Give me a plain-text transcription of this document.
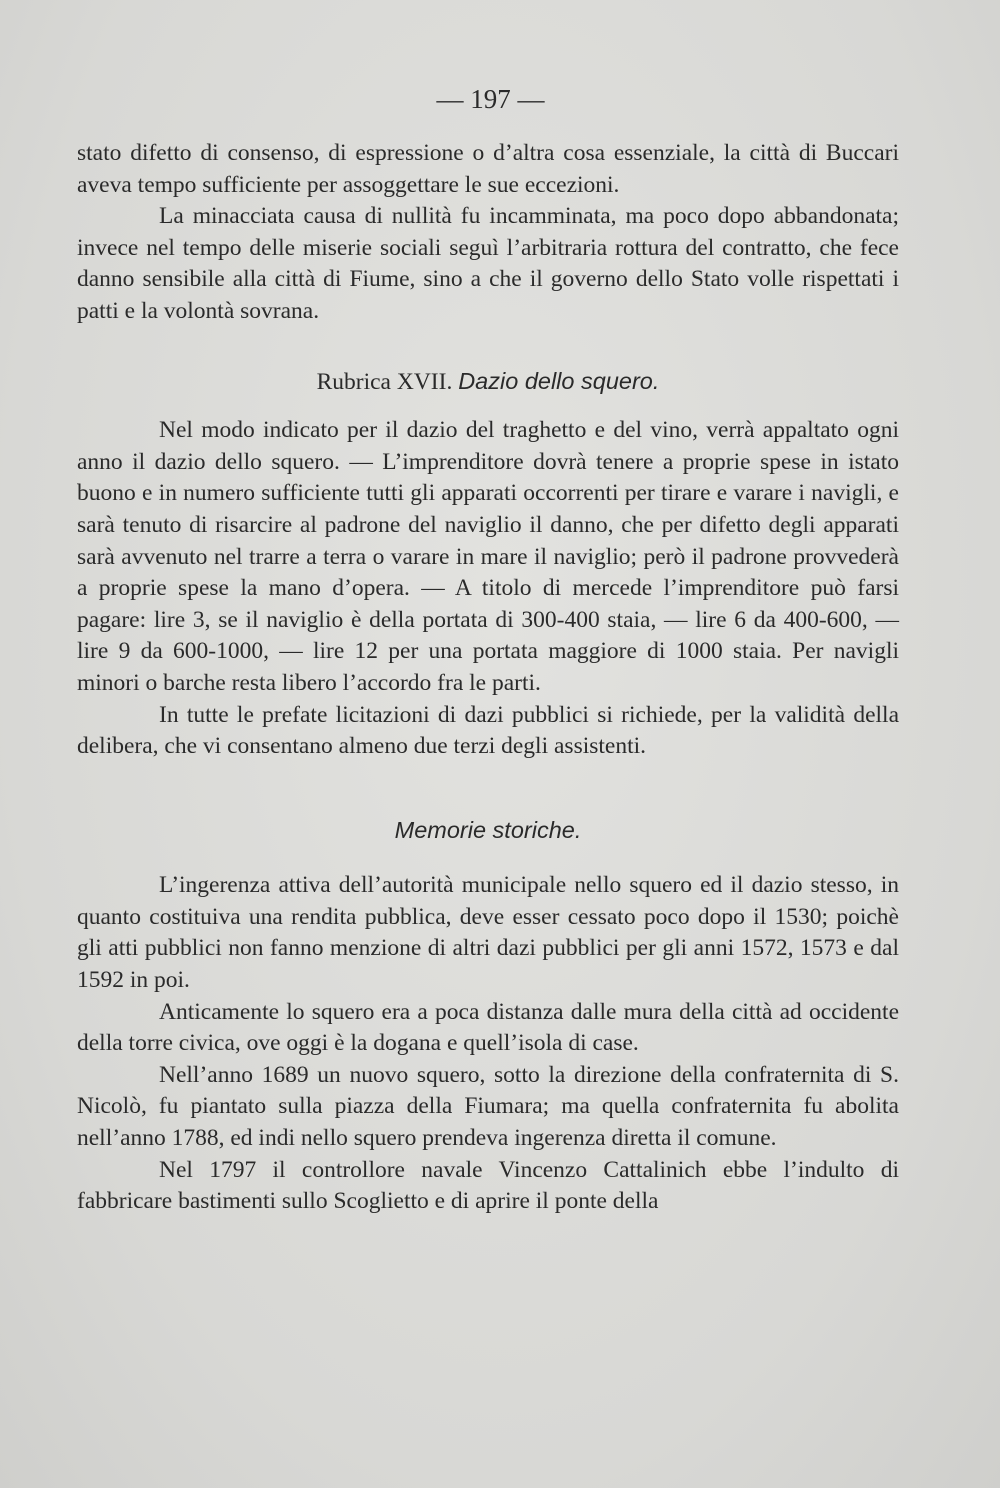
— 197 —

stato difetto di consenso, di espressione o d’altra cosa essenziale, la città di Buccari aveva tempo sufficiente per assoggettare le sue eccezioni.

La minacciata causa di nullità fu incamminata, ma poco dopo abbandonata; invece nel tempo delle miserie sociali seguì l’arbitraria rottura del contratto, che fece danno sensibile alla città di Fiume, sino a che il governo dello Stato volle rispettati i patti e la volontà sovrana.

Rubrica XVII. Dazio dello squero.

Nel modo indicato per il dazio del traghetto e del vino, verrà appaltato ogni anno il dazio dello squero. — L’imprenditore dovrà tenere a proprie spese in istato buono e in numero sufficiente tutti gli apparati occorrenti per tirare e varare i navigli, e sarà tenuto di risarcire al padrone del naviglio il danno, che per difetto degli apparati sarà avvenuto nel trarre a terra o varare in mare il naviglio; però il padrone provvederà a proprie spese la mano d’opera. — A titolo di mercede l’imprenditore può farsi pagare: lire 3, se il naviglio è della portata di 300-400 staia, — lire 6 da 400-600, — lire 9 da 600-1000, — lire 12 per una portata maggiore di 1000 staia. Per navigli minori o barche resta libero l’accordo fra le parti.

In tutte le prefate licitazioni di dazi pubblici si richiede, per la validità della delibera, che vi consentano almeno due terzi degli assistenti.

Memorie storiche.

L’ingerenza attiva dell’autorità municipale nello squero ed il dazio stesso, in quanto costituiva una rendita pubblica, deve esser cessato poco dopo il 1530; poichè gli atti pubblici non fanno menzione di altri dazi pubblici per gli anni 1572, 1573 e dal 1592 in poi.

Anticamente lo squero era a poca distanza dalle mura della città ad occidente della torre civica, ove oggi è la dogana e quell’isola di case.

Nell’anno 1689 un nuovo squero, sotto la direzione della confraternita di S. Nicolò, fu piantato sulla piazza della Fiumara; ma quella confraternita fu abolita nell’anno 1788, ed indi nello squero prendeva ingerenza diretta il comune.

Nel 1797 il controllore navale Vincenzo Cattalinich ebbe l’indulto di fabbricare bastimenti sullo Scoglietto e di aprire il ponte della
